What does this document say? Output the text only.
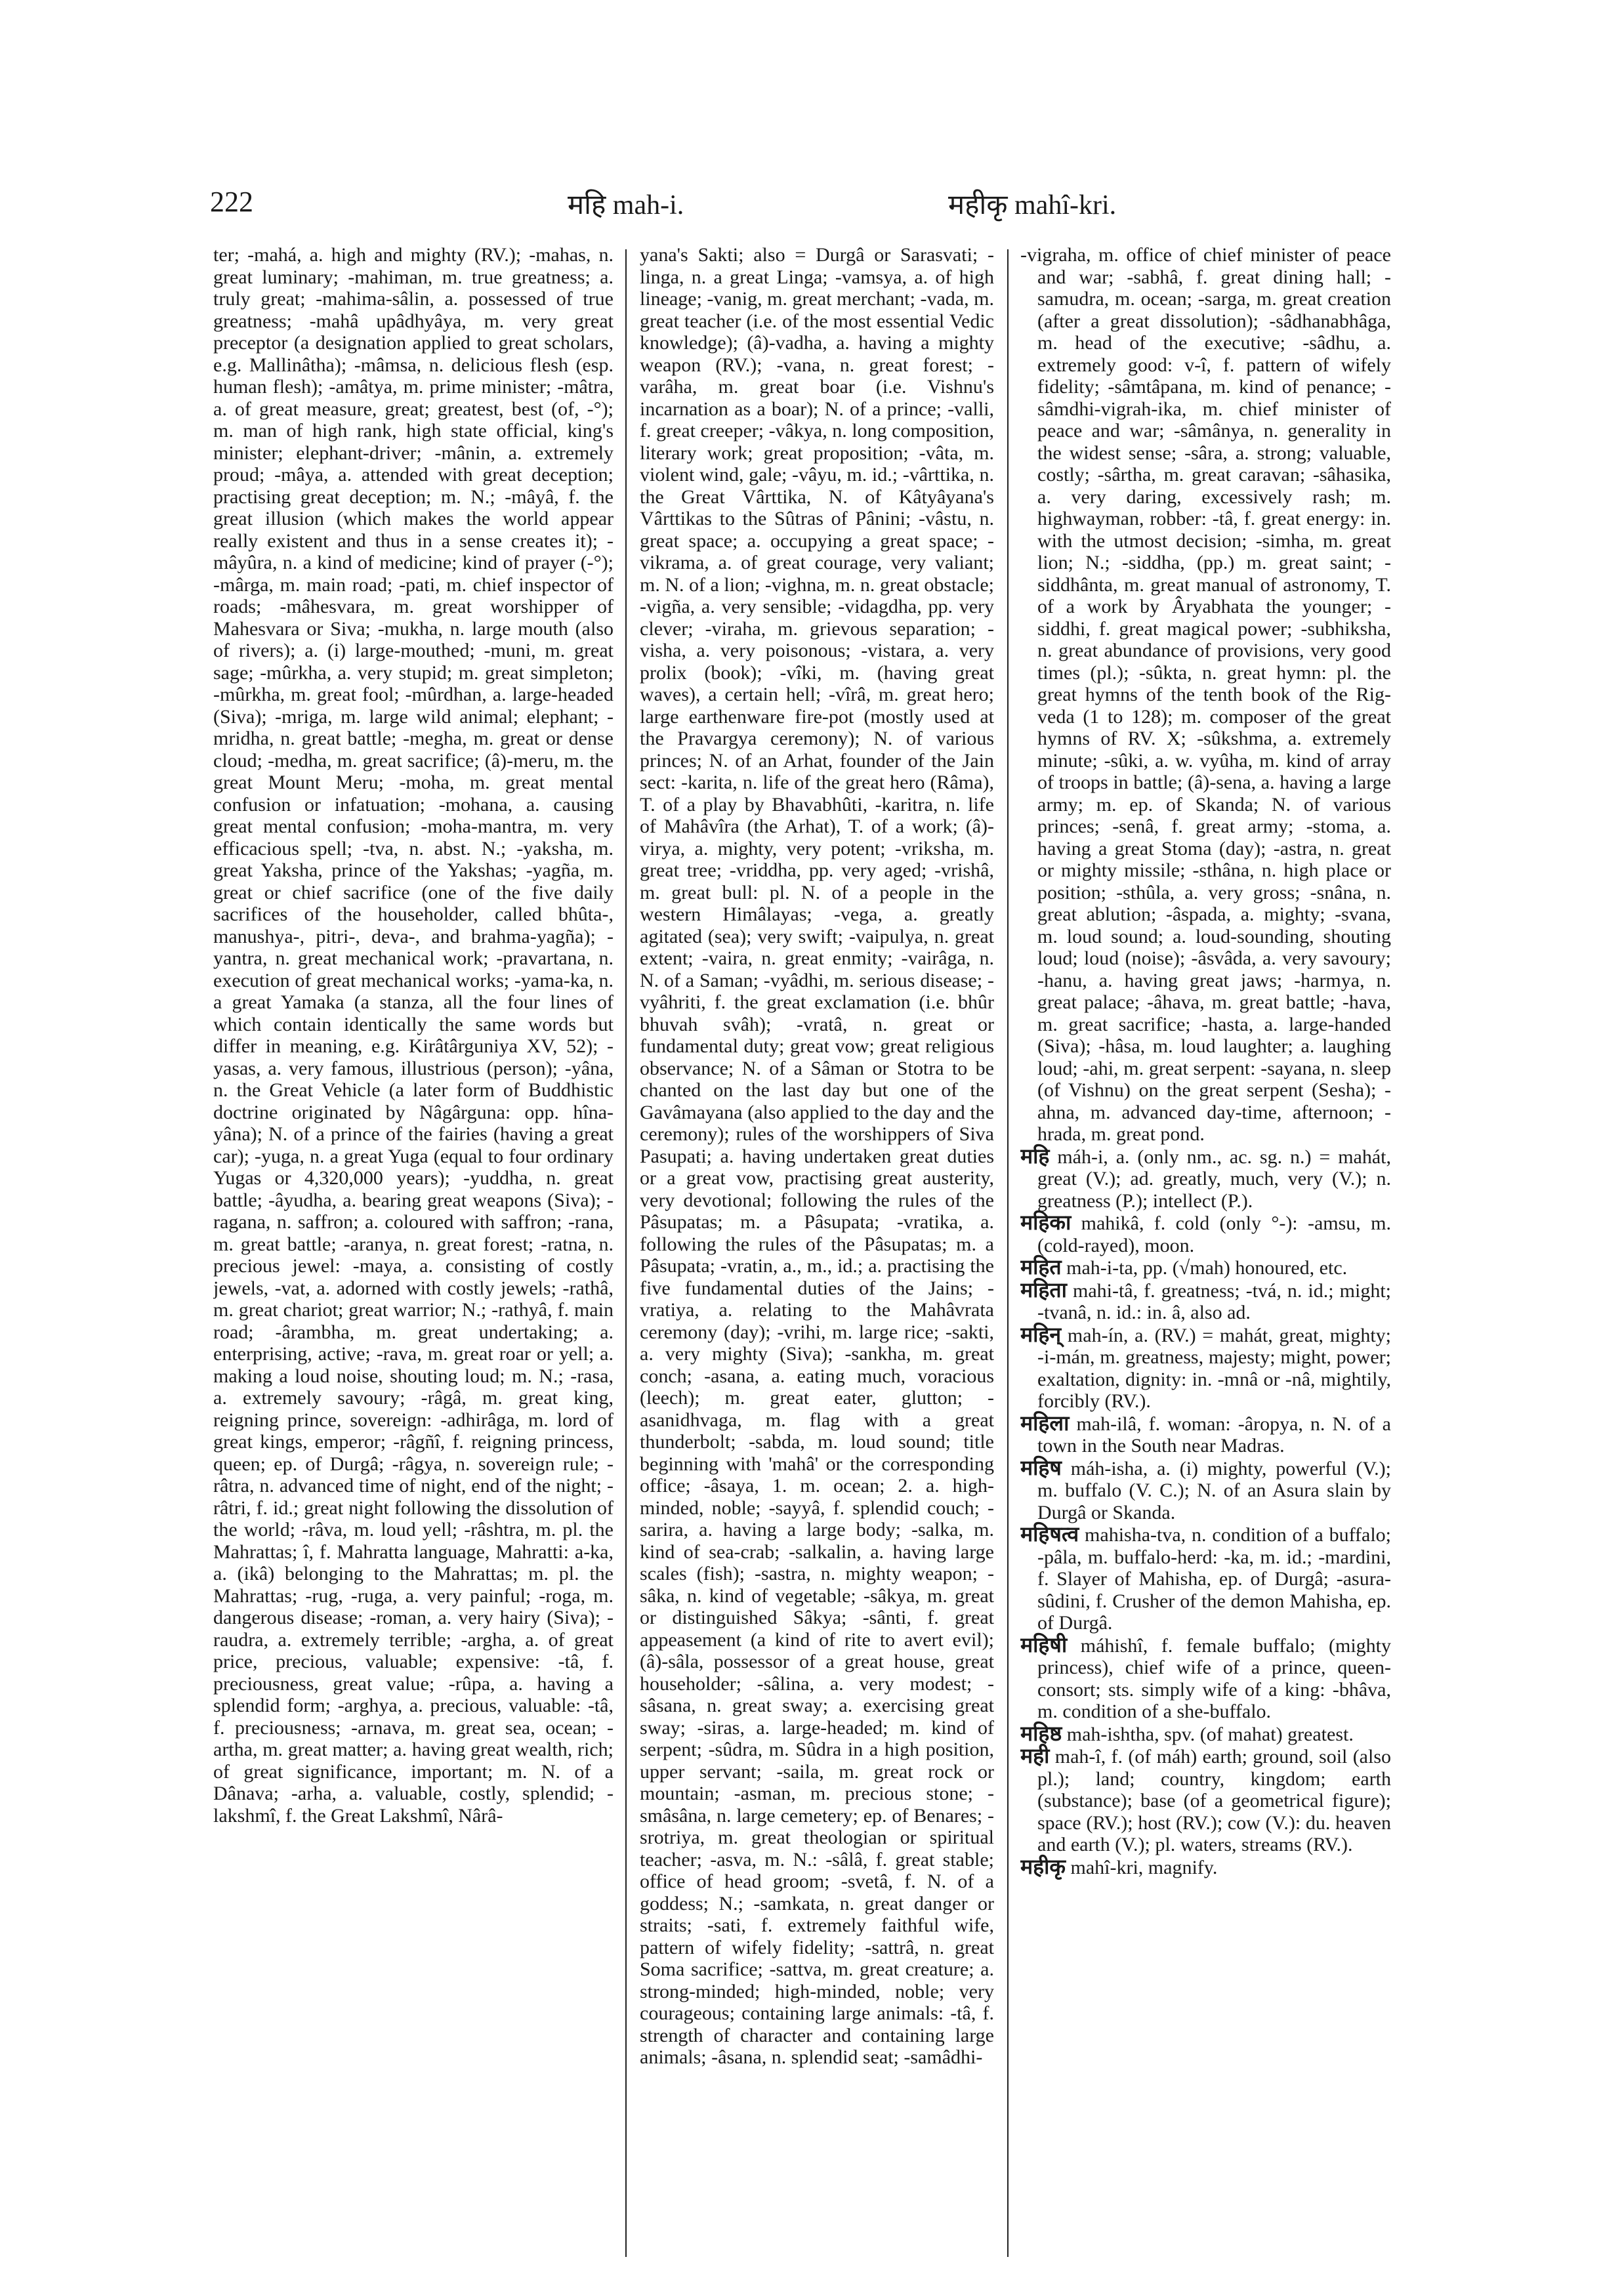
222	महि mah-i.	महीकृ mahî-kri.

ter; -mahá, a. high and mighty (RV.); -mahas, n. great luminary; -mahiman, m. true greatness; a. truly great; -mahima-sâlin, a. possessed of true greatness; -mahâ upâdhyâya, m. very great preceptor (a designation applied to great scholars, e.g. Mallinâtha); -mâmsa, n. delicious flesh (esp. human flesh); -amâtya, m. prime minister; -mâtra, a. of great measure, great; greatest, best (of, -°); m. man of high rank, high state official, king's minister; elephant-driver; -mânin, a. extremely proud; -mâya, a. attended with great deception; practising great deception; m. N.; -mâyâ, f. the great illusion (which makes the world appear really existent and thus in a sense creates it); -mâyûra, n. a kind of medicine; kind of prayer (-°); -mârga, m. main road; -pati, m. chief inspector of roads; -mâhesvara, m. great worshipper of Mahesvara or Siva; -mukha, n. large mouth (also of rivers); a. (i) large-mouthed; -muni, m. great sage; -mûrkha, a. very stupid; m. great simpleton; -mûrkha, m. great fool; -mûrdhan, a. large-headed (Siva); -mriga, m. large wild animal; elephant; -mridha, n. great battle; -megha, m. great or dense cloud; -medha, m. great sacrifice; (â)-meru, m. the great Mount Meru; -moha, m. great mental confusion or infatuation; -mohana, a. causing great mental confusion; -moha-mantra, m. very efficacious spell; -tva, n. abst. N.; -yaksha, m. great Yaksha, prince of the Yakshas; -yagña, m. great or chief sacrifice (one of the five daily sacrifices of the householder, called bhûta-, manushya-, pitri-, deva-, and brahma-yagña); -yantra, n. great mechanical work; -pravartana, n. execution of great mechanical works; -yama-ka, n. a great Yamaka (a stanza, all the four lines of which contain identically the same words but differ in meaning, e.g. Kirâtârguniya XV, 52); -yasas, a. very famous, illustrious (person); -yâna, n. the Great Vehicle (a later form of Buddhistic doctrine originated by Nâgârguna: opp. hîna-yâna); N. of a prince of the fairies (having a great car); -yuga, n. a great Yuga (equal to four ordinary Yugas or 4,320,000 years); -yuddha, n. great battle; -âyudha, a. bearing great weapons (Siva); -ragana, n. saffron; a. coloured with saffron; -rana, m. great battle; -aranya, n. great forest; -ratna, n. precious jewel: -maya, a. consisting of costly jewels, -vat, a. adorned with costly jewels; -rathâ, m. great chariot; great warrior; N.; -rathyâ, f. main road; -ârambha, m. great undertaking; a. enterprising, active; -rava, m. great roar or yell; a. making a loud noise, shouting loud; m. N.; -rasa, a. extremely savoury; -râgâ, m. great king, reigning prince, sovereign: -adhirâga, m. lord of great kings, emperor; -râgñî, f. reigning princess, queen; ep. of Durgâ; -râgya, n. sovereign rule; -râtra, n. advanced time of night, end of the night; -râtri, f. id.; great night following the dissolution of the world; -râva, m. loud yell; -râshtra, m. pl. the Mahrattas; î, f. Mahratta language, Mahratti: a-ka, a. (ikâ) belonging to the Mahrattas; m. pl. the Mahrattas; -rug, -ruga, a. very painful; -roga, m. dangerous disease; -roman, a. very hairy (Siva); -raudra, a. extremely terrible; -argha, a. of great price, precious, valuable; expensive: -tâ, f. preciousness, great value; -rûpa, a. having a splendid form; -arghya, a. precious, valuable: -tâ, f. preciousness; -arnava, m. great sea, ocean; -artha, m. great matter; a. having great wealth, rich; of great significance, important; m. N. of a Dânava; -arha, a. valuable, costly, splendid; -lakshmî, f. the Great Lakshmî, Nârâ-

yana's Sakti; also = Durgâ or Sarasvati; -linga, n. a great Linga; -vamsya, a. of high lineage; -vanig, m. great merchant; -vada, m. great teacher (i.e. of the most essential Vedic knowledge); (â)-vadha, a. having a mighty weapon (RV.); -vana, n. great forest; -varâha, m. great boar (i.e. Vishnu's incarnation as a boar); N. of a prince; -valli, f. great creeper; -vâkya, n. long composition, literary work; great proposition; -vâta, m. violent wind, gale; -vâyu, m. id.; -vârttika, n. the Great Vârttika, N. of Kâtyâyana's Vârttikas to the Sûtras of Pânini; -vâstu, n. great space; a. occupying a great space; -vikrama, a. of great courage, very valiant; m. N. of a lion; -vighna, m. n. great obstacle; -vigña, a. very sensible; -vidagdha, pp. very clever; -viraha, m. grievous separation; -visha, a. very poisonous; -vistara, a. very prolix (book); -vîki, m. (having great waves), a certain hell; -vîrâ, m. great hero; large earthenware fire-pot (mostly used at the Pravargya ceremony); N. of various princes; N. of an Arhat, founder of the Jain sect: -karita, n. life of the great hero (Râma), T. of a play by Bhavabhûti, -karitra, n. life of Mahâvîra (the Arhat), T. of a work; (â)-virya, a. mighty, very potent; -vriksha, m. great tree; -vriddha, pp. very aged; -vrishâ, m. great bull: pl. N. of a people in the western Himâlayas; -vega, a. greatly agitated (sea); very swift; -vaipulya, n. great extent; -vaira, n. great enmity; -vairâga, n. N. of a Saman; -vyâdhi, m. serious disease; -vyâhriti, f. the great exclamation (i.e. bhûr bhuvah svâh); -vratâ, n. great or fundamental duty; great vow; great religious observance; N. of a Sâman or Stotra to be chanted on the last day but one of the Gavâmayana (also applied to the day and the ceremony); rules of the worshippers of Siva Pasupati; a. having undertaken great duties or a great vow, practising great austerity, very devotional; following the rules of the Pâsupatas; m. a Pâsupata; -vratika, a. following the rules of the Pâsupatas; m. a Pâsupata; -vratin, a., m., id.; a. practising the five fundamental duties of the Jains; -vratiya, a. relating to the Mahâvrata ceremony (day); -vrihi, m. large rice; -sakti, a. very mighty (Siva); -sankha, m. great conch; -asana, a. eating much, voracious (leech); m. great eater, glutton; -asanidhvaga, m. flag with a great thunderbolt; -sabda, m. loud sound; title beginning with 'mahâ' or the corresponding office; -âsaya, 1. m. ocean; 2. a. high-minded, noble; -sayyâ, f. splendid couch; -sarira, a. having a large body; -salka, m. kind of sea-crab; -salkalin, a. having large scales (fish); -sastra, n. mighty weapon; -sâka, n. kind of vegetable; -sâkya, m. great or distinguished Sâkya; -sânti, f. great appeasement (a kind of rite to avert evil); (â)-sâla, possessor of a great house, great householder; -sâlina, a. very modest; -sâsana, n. great sway; a. exercising great sway; -siras, a. large-headed; m. kind of serpent; -sûdra, m. Sûdra in a high position, upper servant; -saila, m. great rock or mountain; -asman, m. precious stone; -smâsâna, n. large cemetery; ep. of Benares; -srotriya, m. great theologian or spiritual teacher; -asva, m. N.: -sâlâ, f. great stable; office of head groom; -svetâ, f. N. of a goddess; N.; -samkata, n. great danger or straits; -sati, f. extremely faithful wife, pattern of wifely fidelity; -sattrâ, n. great Soma sacrifice; -sattva, m. great creature; a. strong-minded; high-minded, noble; very courageous; containing large animals: -tâ, f. strength of character and containing large animals; -âsana, n. splendid seat; -samâdhi-

-vigraha, m. office of chief minister of peace and war; -sabhâ, f. great dining hall; -samudra, m. ocean; -sarga, m. great creation (after a great dissolution); -sâdhanabhâga, m. head of the executive; -sâdhu, a. extremely good: v-î, f. pattern of wifely fidelity; -sâmtâpana, m. kind of penance; -sâmdhi-vigrah-ika, m. chief minister of peace and war; -sâmânya, n. generality in the widest sense; -sâra, a. strong; valuable, costly; -sârtha, m. great caravan; -sâhasika, a. very daring, excessively rash; m. highwayman, robber: -tâ, f. great energy: in. with the utmost decision; -simha, m. great lion; N.; -siddha, (pp.) m. great saint; -siddhânta, m. great manual of astronomy, T. of a work by Âryabhata the younger; -siddhi, f. great magical power; -subhiksha, n. great abundance of provisions, very good times (pl.); -sûkta, n. great hymn: pl. the great hymns of the tenth book of the Rig-veda (1 to 128); m. composer of the great hymns of RV. X; -sûkshma, a. extremely minute; -sûki, a. w. vyûha, m. kind of array of troops in battle; (â)-sena, a. having a large army; m. ep. of Skanda; N. of various princes; -senâ, f. great army; -stoma, a. having a great Stoma (day); -astra, n. great or mighty missile; -sthâna, n. high place or position; -sthûla, a. very gross; -snâna, n. great ablution; -âspada, a. mighty; -svana, m. loud sound; a. loud-sounding, shouting loud; loud (noise); -âsvâda, a. very savoury; -hanu, a. having great jaws; -harmya, n. great palace; -âhava, m. great battle; -hava, m. great sacrifice; -hasta, a. large-handed (Siva); -hâsa, m. loud laughter; a. laughing loud; -ahi, m. great serpent: -sayana, n. sleep (of Vishnu) on the great serpent (Sesha); -ahna, m. advanced day-time, afternoon; -hrada, m. great pond.

महि máh-i, a. (only nm., ac. sg. n.) = mahát, great (V.); ad. greatly, much, very (V.); n. greatness (P.); intellect (P.).

महिका mahikâ, f. cold (only °-): -amsu, m. (cold-rayed), moon.

महित mah-i-ta, pp. (√mah) honoured, etc.

महिता mahi-tâ, f. greatness; -tvá, n. id.; might; -tvanâ, n. id.: in. â, also ad.

महिन् mah-ín, a. (RV.) = mahát, great, mighty; -i-mán, m. greatness, majesty; might, power; exaltation, dignity: in. -mnâ or -nâ, mightily, forcibly (RV.).

महिला mah-ilâ, f. woman: -âropya, n. N. of a town in the South near Madras.

महिष máh-isha, a. (i) mighty, powerful (V.); m. buffalo (V. C.); N. of an Asura slain by Durgâ or Skanda.

महिषत्व mahisha-tva, n. condition of a buffalo; -pâla, m. buffalo-herd: -ka, m. id.; -mardini, f. Slayer of Mahisha, ep. of Durgâ; -asura-sûdini, f. Crusher of the demon Mahisha, ep. of Durgâ.

महिषी máhishî, f. female buffalo; (mighty princess), chief wife of a prince, queen-consort; sts. simply wife of a king: -bhâva, m. condition of a she-buffalo.

महिष्ठ mah-ishtha, spv. (of mahat) greatest.

मही mah-î, f. (of máh) earth; ground, soil (also pl.); land; country, kingdom; earth (substance); base (of a geometrical figure); space (RV.); host (RV.); cow (V.): du. heaven and earth (V.); pl. waters, streams (RV.).

महीकृ mahî-kri, magnify.
